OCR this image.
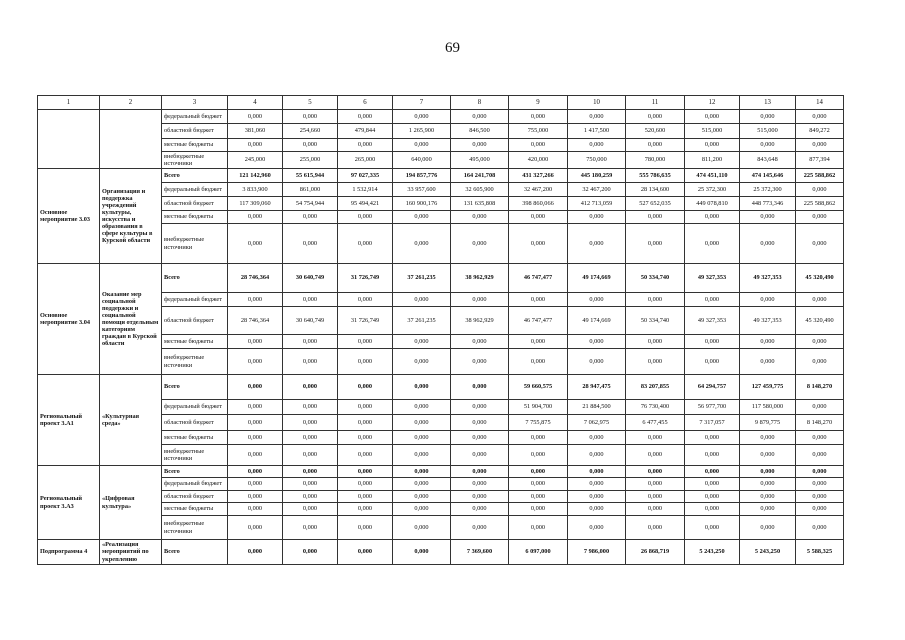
69
1	2	3	4	5	6	7	8	9	10	11	12	13	14
		федеральный бюджет	0,000	0,000	0,000	0,000	0,000	0,000	0,000	0,000	0,000	0,000	0,000
		областной бюджет	381,060	254,660	479,844	1 265,900	846,500	755,000	1 417,500	520,600	515,000	515,000	849,272
		местные бюджеты	0,000	0,000	0,000	0,000	0,000	0,000	0,000	0,000	0,000	0,000	0,000
		внебюджетные источники	245,000	255,000	265,000	640,000	495,000	420,000	750,000	780,000	811,200	843,648	877,394
Основное мероприятие 3.03	Организация и поддержка учреждений культуры, искусства и образования в сфере культуры в Курской области	Всего	121 142,960	55 615,944	97 027,335	194 857,776	164 241,708	431 327,266	445 180,259	555 786,635	474 451,110	474 145,646	225 588,862
		федеральный бюджет	3 833,900	861,000	1 532,914	33 957,600	32 605,900	32 467,200	32 467,200	28 134,600	25 372,300	25 372,300	0,000
		областной бюджет	117 309,060	54 754,944	95 494,421	160 900,176	131 635,808	398 860,066	412 713,059	527 652,035	449 078,810	448 773,346	225 588,862
		местные бюджеты	0,000	0,000	0,000	0,000	0,000	0,000	0,000	0,000	0,000	0,000	0,000
		внебюджетные источники	0,000	0,000	0,000	0,000	0,000	0,000	0,000	0,000	0,000	0,000	0,000
Основное мероприятие 3.04	Оказание мер социальной поддержки и социальной помощи отдельным категориям граждан в Курской области	Всего	28 746,364	30 640,749	31 726,749	37 261,235	38 962,929	46 747,477	49 174,669	50 334,740	49 327,353	49 327,353	45 320,490
		федеральный бюджет	0,000	0,000	0,000	0,000	0,000	0,000	0,000	0,000	0,000	0,000	0,000
		областной бюджет	28 746,364	30 640,749	31 726,749	37 261,235	38 962,929	46 747,477	49 174,669	50 334,740	49 327,353	49 327,353	45 320,490
		местные бюджеты	0,000	0,000	0,000	0,000	0,000	0,000	0,000	0,000	0,000	0,000	0,000
		внебюджетные источники	0,000	0,000	0,000	0,000	0,000	0,000	0,000	0,000	0,000	0,000	0,000
Региональный проект 3.А1	«Культурная среда»	Всего	0,000	0,000	0,000	0,000	0,000	59 660,575	28 947,475	83 207,855	64 294,757	127 459,775	8 148,270
		федеральный бюджет	0,000	0,000	0,000	0,000	0,000	51 904,700	21 884,500	76 730,400	56 977,700	117 580,000	0,000
		областной бюджет	0,000	0,000	0,000	0,000	0,000	7 755,875	7 062,975	6 477,455	7 317,057	9 879,775	8 148,270
		местные бюджеты	0,000	0,000	0,000	0,000	0,000	0,000	0,000	0,000	0,000	0,000	0,000
		внебюджетные источники	0,000	0,000	0,000	0,000	0,000	0,000	0,000	0,000	0,000	0,000	0,000
Региональный проект 3.А3	«Цифровая культура»	Всего	0,000	0,000	0,000	0,000	0,000	0,000	0,000	0,000	0,000	0,000	0,000
		федеральный бюджет	0,000	0,000	0,000	0,000	0,000	0,000	0,000	0,000	0,000	0,000	0,000
		областной бюджет	0,000	0,000	0,000	0,000	0,000	0,000	0,000	0,000	0,000	0,000	0,000
		местные бюджеты	0,000	0,000	0,000	0,000	0,000	0,000	0,000	0,000	0,000	0,000	0,000
		внебюджетные источники	0,000	0,000	0,000	0,000	0,000	0,000	0,000	0,000	0,000	0,000	0,000
Подпрограмма 4	«Реализация мероприятий по укреплению	Всего	0,000	0,000	0,000	0,000	7 369,600	6 097,000	7 986,000	26 868,719	5 243,250	5 243,250	5 588,325
